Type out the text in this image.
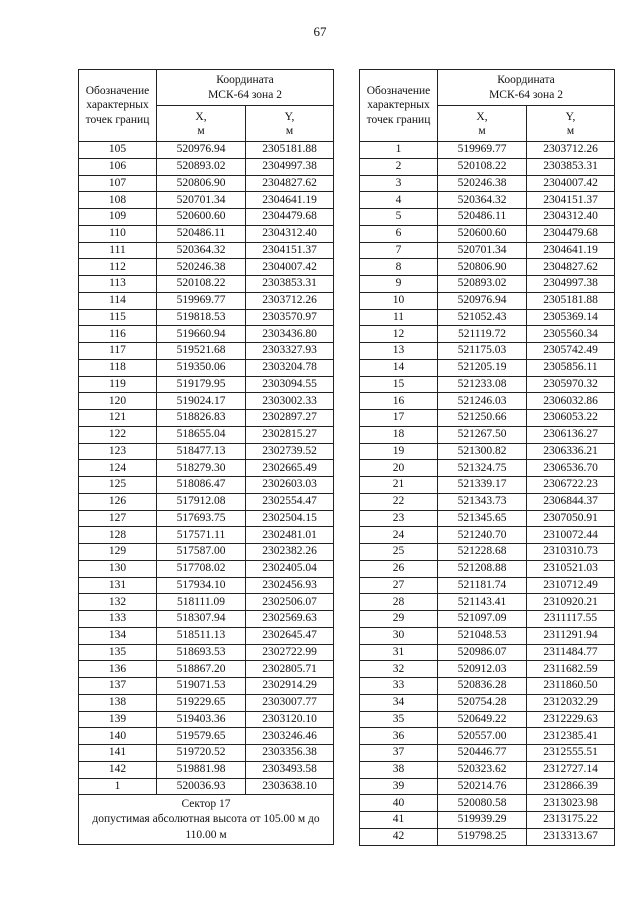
67
Обозначение характерных точек границ	Координата
МСК-64 зона 2	
	X,
м	Y,
м
105	520976.94	2305181.88
106	520893.02	2304997.38
107	520806.90	2304827.62
108	520701.34	2304641.19
109	520600.60	2304479.68
110	520486.11	2304312.40
111	520364.32	2304151.37
112	520246.38	2304007.42
113	520108.22	2303853.31
114	519969.77	2303712.26
115	519818.53	2303570.97
116	519660.94	2303436.80
117	519521.68	2303327.93
118	519350.06	2303204.78
119	519179.95	2303094.55
120	519024.17	2303002.33
121	518826.83	2302897.27
122	518655.04	2302815.27
123	518477.13	2302739.52
124	518279.30	2302665.49
125	518086.47	2302603.03
126	517912.08	2302554.47
127	517693.75	2302504.15
128	517571.11	2302481.01
129	517587.00	2302382.26
130	517708.02	2302405.04
131	517934.10	2302456.93
132	518111.09	2302506.07
133	518307.94	2302569.63
134	518511.13	2302645.47
135	518693.53	2302722.99
136	518867.20	2302805.71
137	519071.53	2302914.29
138	519229.65	2303007.77
139	519403.36	2303120.10
140	519579.65	2303246.46
141	519720.52	2303356.38
142	519881.98	2303493.58
1	520036.93	2303638.10
Сектор 17
допустимая абсолютная высота от 105.00 м до 110.00 м		
Обозначение характерных точек границ	Координата
МСК-64 зона 2	
	X,
м	Y,
м
1	519969.77	2303712.26
2	520108.22	2303853.31
3	520246.38	2304007.42
4	520364.32	2304151.37
5	520486.11	2304312.40
6	520600.60	2304479.68
7	520701.34	2304641.19
8	520806.90	2304827.62
9	520893.02	2304997.38
10	520976.94	2305181.88
11	521052.43	2305369.14
12	521119.72	2305560.34
13	521175.03	2305742.49
14	521205.19	2305856.11
15	521233.08	2305970.32
16	521246.03	2306032.86
17	521250.66	2306053.22
18	521267.50	2306136.27
19	521300.82	2306336.21
20	521324.75	2306536.70
21	521339.17	2306722.23
22	521343.73	2306844.37
23	521345.65	2307050.91
24	521240.70	2310072.44
25	521228.68	2310310.73
26	521208.88	2310521.03
27	521181.74	2310712.49
28	521143.41	2310920.21
29	521097.09	2311117.55
30	521048.53	2311291.94
31	520986.07	2311484.77
32	520912.03	2311682.59
33	520836.28	2311860.50
34	520754.28	2312032.29
35	520649.22	2312229.63
36	520557.00	2312385.41
37	520446.77	2312555.51
38	520323.62	2312727.14
39	520214.76	2312866.39
40	520080.58	2313023.98
41	519939.29	2313175.22
42	519798.25	2313313.67
